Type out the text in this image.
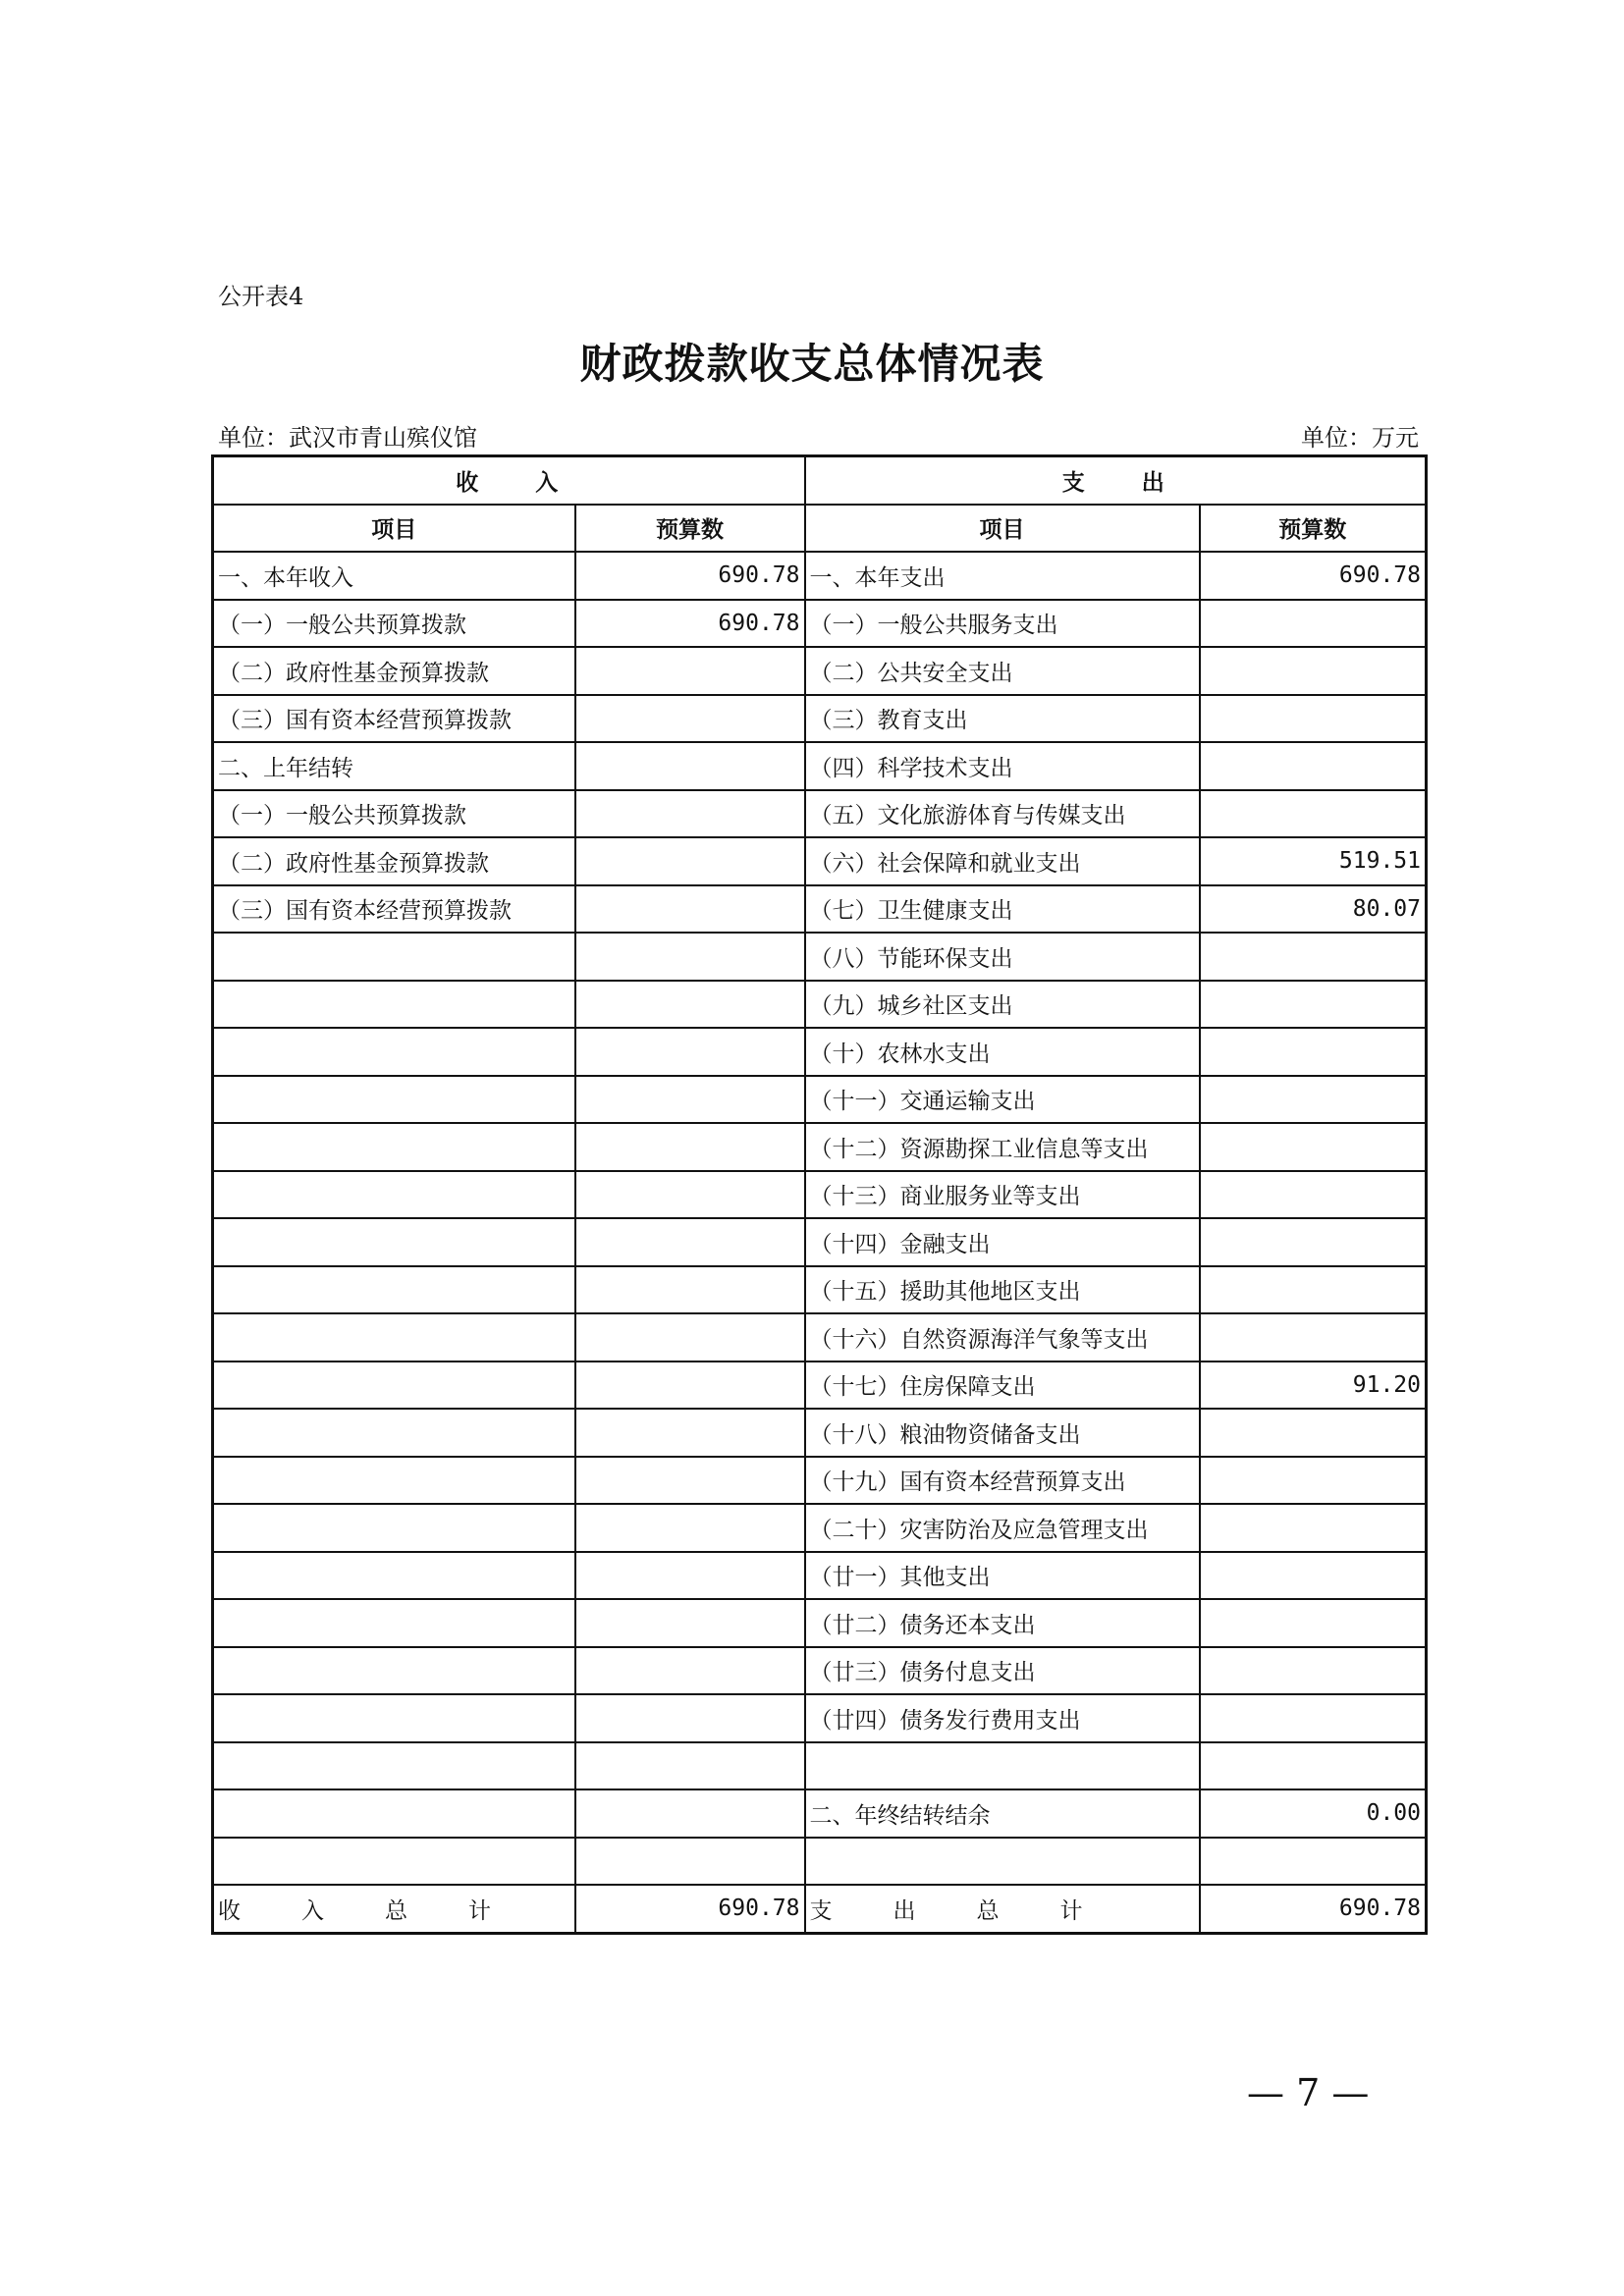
公开表4
财政拨款收支总体情况表
单位：武汉市青山殡仪馆	单位：万元
收　　入		支　　出	
项目	预算数	项目	预算数
一、本年收入	690.78	一、本年支出	690.78
（一）一般公共预算拨款	690.78	（一）一般公共服务支出	
（二）政府性基金预算拨款		（二）公共安全支出	
（三）国有资本经营预算拨款		（三）教育支出	
二、上年结转		（四）科学技术支出	
（一）一般公共预算拨款		（五）文化旅游体育与传媒支出	
（二）政府性基金预算拨款		（六）社会保障和就业支出	519.51
（三）国有资本经营预算拨款		（七）卫生健康支出	80.07
		（八）节能环保支出	
		（九）城乡社区支出	
		（十）农林水支出	
		（十一）交通运输支出	
		（十二）资源勘探工业信息等支出	
		（十三）商业服务业等支出	
		（十四）金融支出	
		（十五）援助其他地区支出	
		（十六）自然资源海洋气象等支出	
		（十七）住房保障支出	91.20
		（十八）粮油物资储备支出	
		（十九）国有资本经营预算支出	
		（二十）灾害防治及应急管理支出	
		（廿一）其他支出	
		（廿二）债务还本支出	
		（廿三）债务付息支出	
		（廿四）债务发行费用支出	

		二、年终结转结余	0.00

收 入 总 计	690.78	支 出 总 计	690.78
— 7 —
